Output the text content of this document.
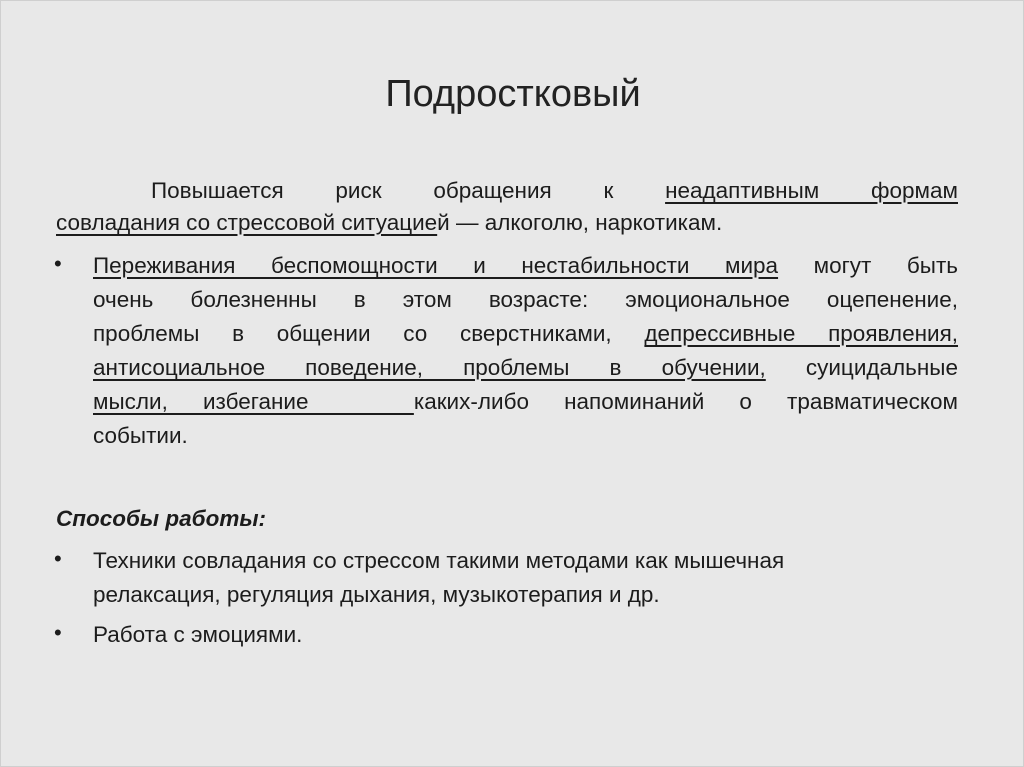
Подростковый
Повышается риск обращения к неадаптивным формам
совладания со стрессовой ситуацией — алкоголю, наркотикам.
• Переживания беспомощности и нестабильности мира могут быть
очень болезненны в этом возрасте: эмоциональное оцепенение,
проблемы в общении со сверстниками, депрессивные проявления,
антисоциальное поведение, проблемы в обучении, суицидальные
мысли, избегание   каких-либо напоминаний о травматическом
событии.
Способы работы:
• Техники совладания со стрессом такими методами как мышечная
релаксация, регуляция дыхания, музыкотерапия и др.
• Работа с эмоциями.
